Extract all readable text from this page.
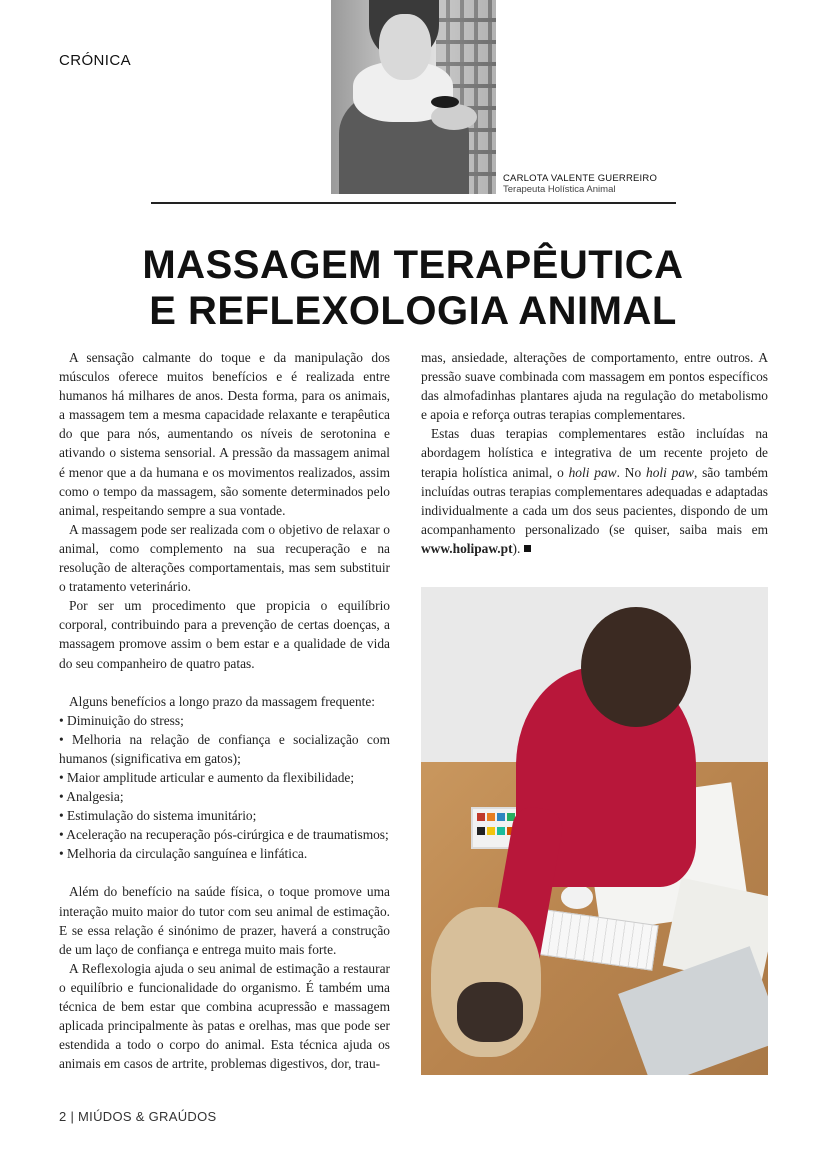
CRÓNICA
CARLOTA VALENTE GUERREIRO
Terapeuta Holística Animal
MASSAGEM TERAPÊUTICA
E REFLEXOLOGIA ANIMAL

A sensação calmante do toque e da manipulação dos músculos oferece muitos benefícios e é realizada entre humanos há milhares de anos. Desta forma, para os animais, a massagem tem a mesma capacidade relaxante e terapêutica do que para nós, aumentando os níveis de serotonina e ativando o sistema sensorial. A pressão da massagem animal é menor que a da humana e os movimentos realizados, assim como o tempo da massagem, são somente determinados pelo animal, respeitando sempre a sua vontade.

A massagem pode ser realizada com o objetivo de relaxar o animal, como complemento na sua recuperação e na resolução de alterações comportamentais, mas sem substituir o tratamento veterinário.

Por ser um procedimento que propicia o equilíbrio corporal, contribuindo para a prevenção de certas doenças, a massagem promove assim o bem estar e a qualidade de vida do seu companheiro de quatro patas.

Alguns benefícios a longo prazo da massagem frequente:

• Diminuição do stress;
• Melhoria na relação de confiança e socialização com humanos (significativa em gatos);
• Maior amplitude articular e aumento da flexibilidade;
• Analgesia;
• Estimulação do sistema imunitário;
• Aceleração na recuperação pós-cirúrgica e de traumatismos;
• Melhoria da circulação sanguínea e linfática.

Além do benefício na saúde física, o toque promove uma interação muito maior do tutor com seu animal de estimação. E se essa relação é sinónimo de prazer, haverá a construção de um laço de confiança e entrega muito mais forte.

A Reflexologia ajuda o seu animal de estimação a restaurar o equilíbrio e funcionalidade do organismo. É também uma técnica de bem estar que combina acupressão e massagem aplicada principalmente às patas e orelhas, mas que pode ser estendida a todo o corpo do animal. Esta técnica ajuda os animais em casos de artrite, problemas digestivos, dor, trau-

mas, ansiedade, alterações de comportamento, entre outros. A pressão suave combinada com massagem em pontos específicos das almofadinhas plantares ajuda na regulação do metabolismo e apoia e reforça outras terapias complementares.

Estas duas terapias complementares estão incluídas na abordagem holística e integrativa de um recente projeto de terapia holística animal, o holi paw. No holi paw, são também incluídas outras terapias complementares adequadas e adaptadas individualmente a cada um dos seus pacientes, dispondo de um acompanhamento personalizado (se quiser, saiba mais em www.holipaw.pt).

2 | MIÚDOS & GRAÚDOS
